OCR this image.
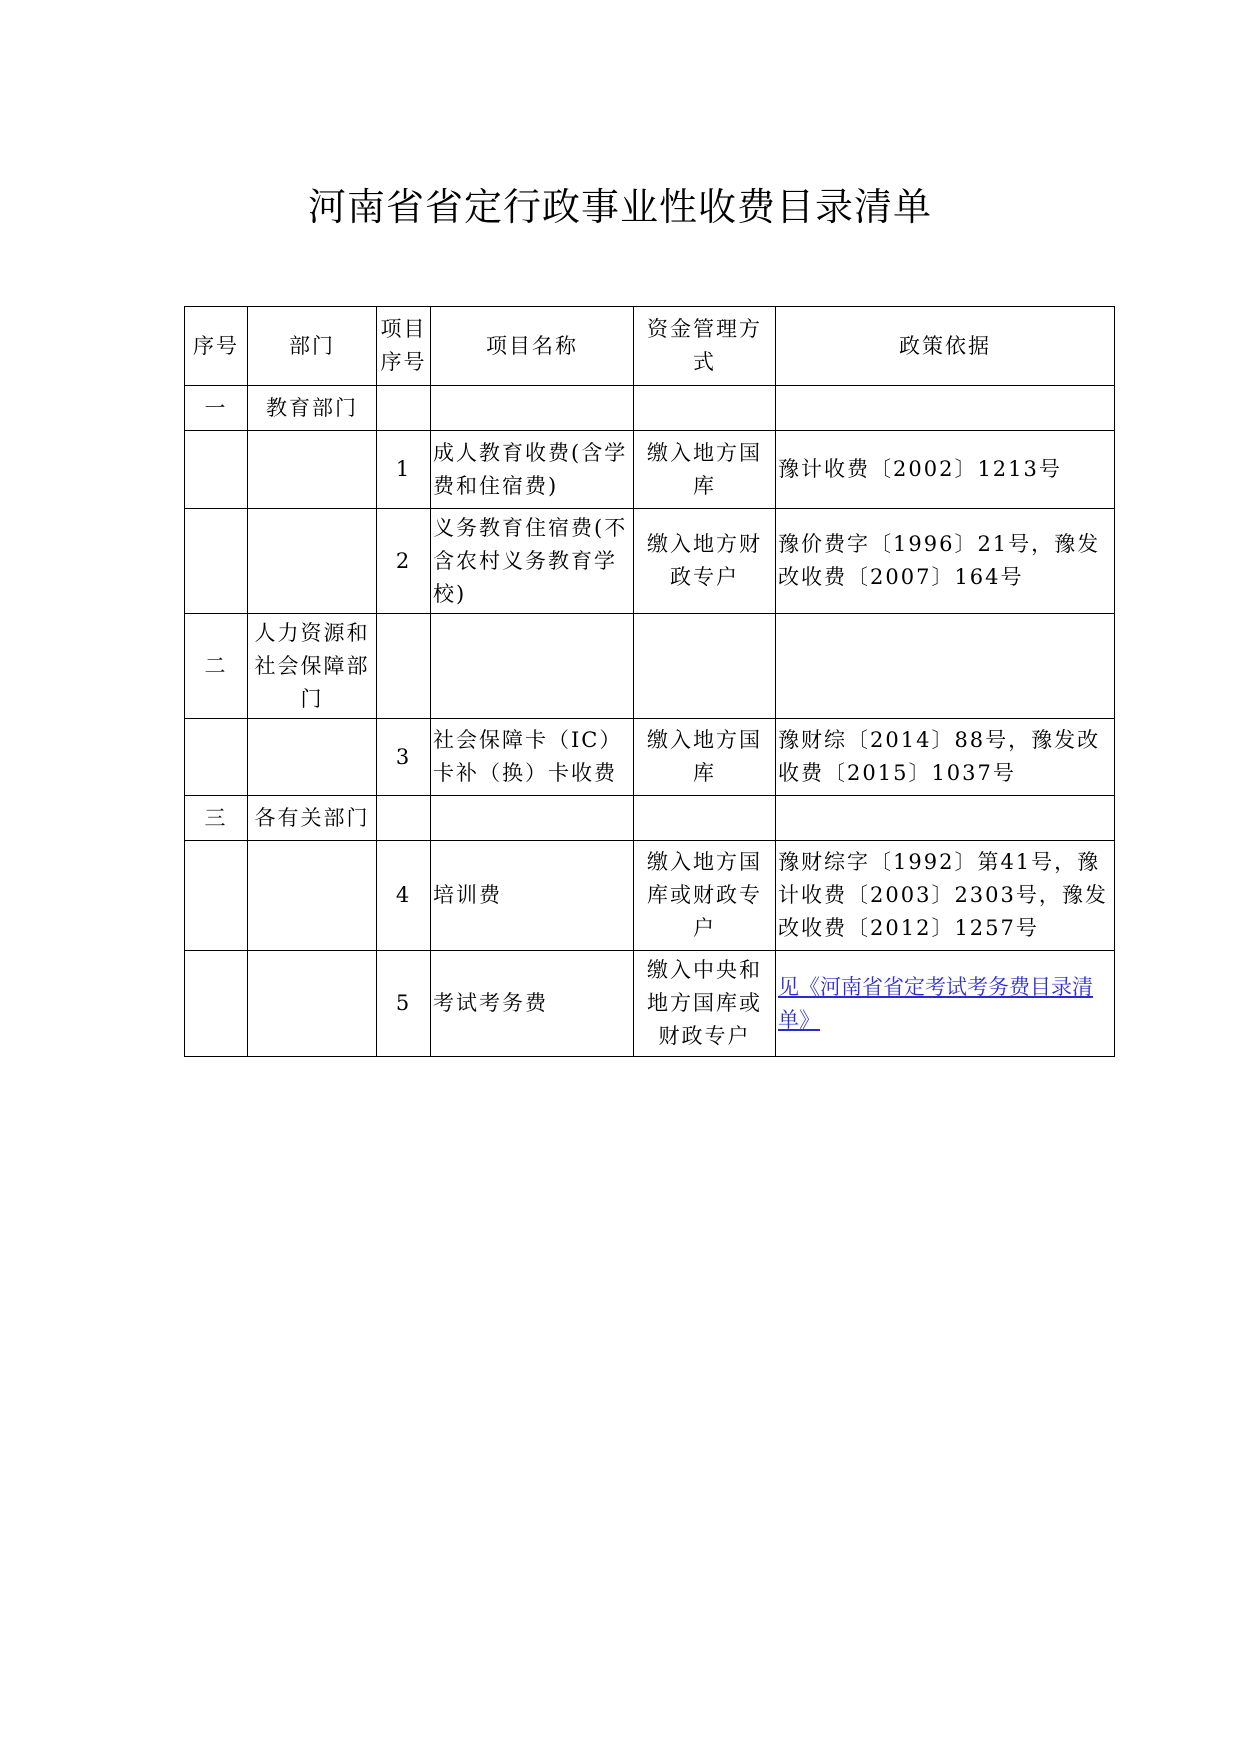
河南省省定行政事业性收费目录清单
序号	部门	项目序号	项目名称	资金管理方式	政策依据
一	教育部门				
		1	成人教育收费(含学费和住宿费)	缴入地方国库	豫计收费〔2002〕1213号
		2	义务教育住宿费(不含农村义务教育学校)	缴入地方财政专户	豫价费字〔1996〕21号，豫发改收费〔2007〕164号
二	人力资源和社会保障部门				
		3	社会保障卡（IC）卡补（换）卡收费	缴入地方国库	豫财综〔2014〕88号，豫发改收费〔2015〕1037号
三	各有关部门				
		4	培训费	缴入地方国库或财政专户	豫财综字〔1992〕第41号，豫计收费〔2003〕2303号，豫发改收费〔2012〕1257号
		5	考试考务费	缴入中央和地方国库或财政专户	见《河南省省定考试考务费目录清单》
